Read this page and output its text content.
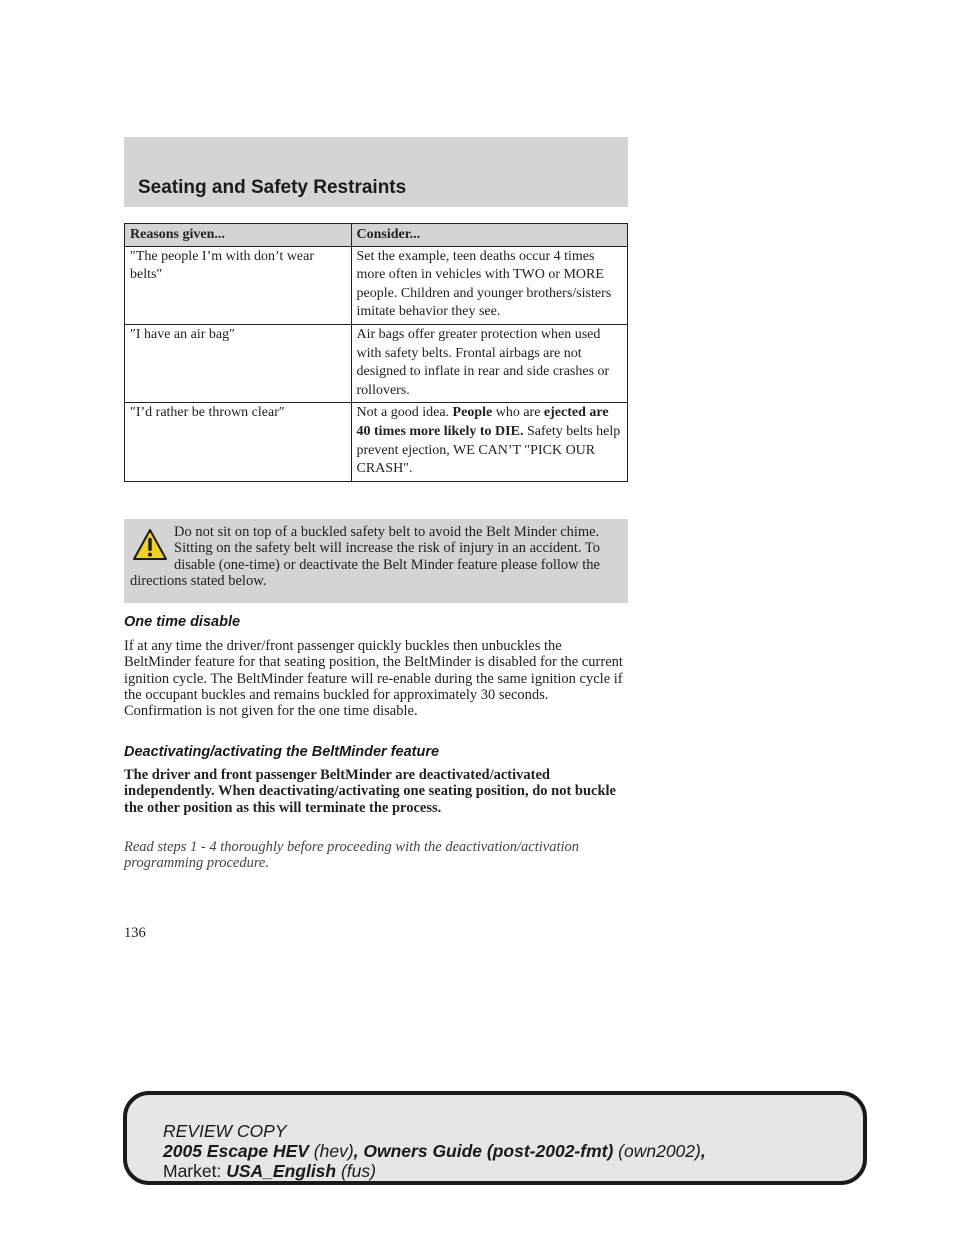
Seating and Safety Restraints
Reasons given...	Consider...
″The people I’m with don’t wear belts″	Set the example, teen deaths occur 4 times more often in vehicles with TWO or MORE people. Children and younger brothers/sisters imitate behavior they see.
″I have an air bag″	Air bags offer greater protection when used with safety belts. Frontal airbags are not designed to inflate in rear and side crashes or rollovers.
″I’d rather be thrown clear″	Not a good idea. People who are ejected are 40 times more likely to DIE. Safety belts help prevent ejection, WE CAN’T ″PICK OUR CRASH″.
Do not sit on top of a buckled safety belt to avoid the Belt Minder chime. Sitting on the safety belt will increase the risk of injury in an accident. To disable (one-time) or deactivate the Belt Minder feature please follow the directions stated below.
One time disable

If at any time the driver/front passenger quickly buckles then unbuckles the BeltMinder feature for that seating position, the BeltMinder is disabled for the current ignition cycle. The BeltMinder feature will re-enable during the same ignition cycle if the occupant buckles and remains buckled for approximately 30 seconds. Confirmation is not given for the one time disable.

Deactivating/activating the BeltMinder feature

The driver and front passenger BeltMinder are deactivated/activated independently. When deactivating/activating one seating position, do not buckle the other position as this will terminate the process.

Read steps 1 - 4 thoroughly before proceeding with the deactivation/activation programming procedure.

136

REVIEW COPY
2005 Escape HEV (hev), Owners Guide (post-2002-fmt) (own2002),
Market: USA_English (fus)
